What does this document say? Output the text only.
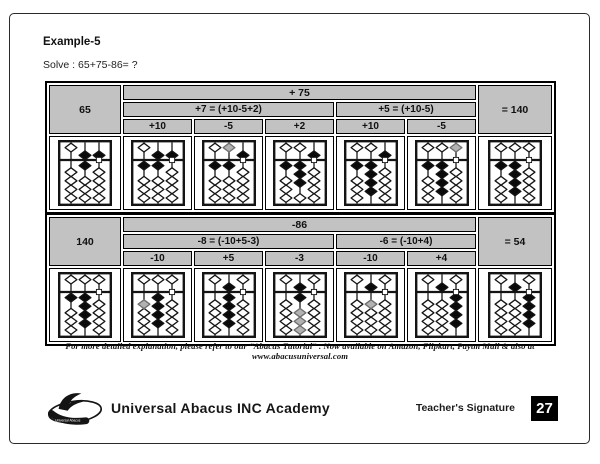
Example-5
Solve : 65+75-86= ?
65	+ 75					= 140
	+7 = (+10-5+2)			+5 = (+10-5)		
	+10	-5	+2	+10	-5	

140	-86					= 54
	-8 = (-10+5-3)			-6 = (-10+4)		
	-10	+5	-3	-10	+4	

For more detailed explanation, please refer to our “Abacus Tutorial” . Now available on Amazon, Flipkart, Paytm Mall & also at www.abacusuniversal.com
Universal Abacus
Universal Abacus INC Academy	Teacher's Signature	27
